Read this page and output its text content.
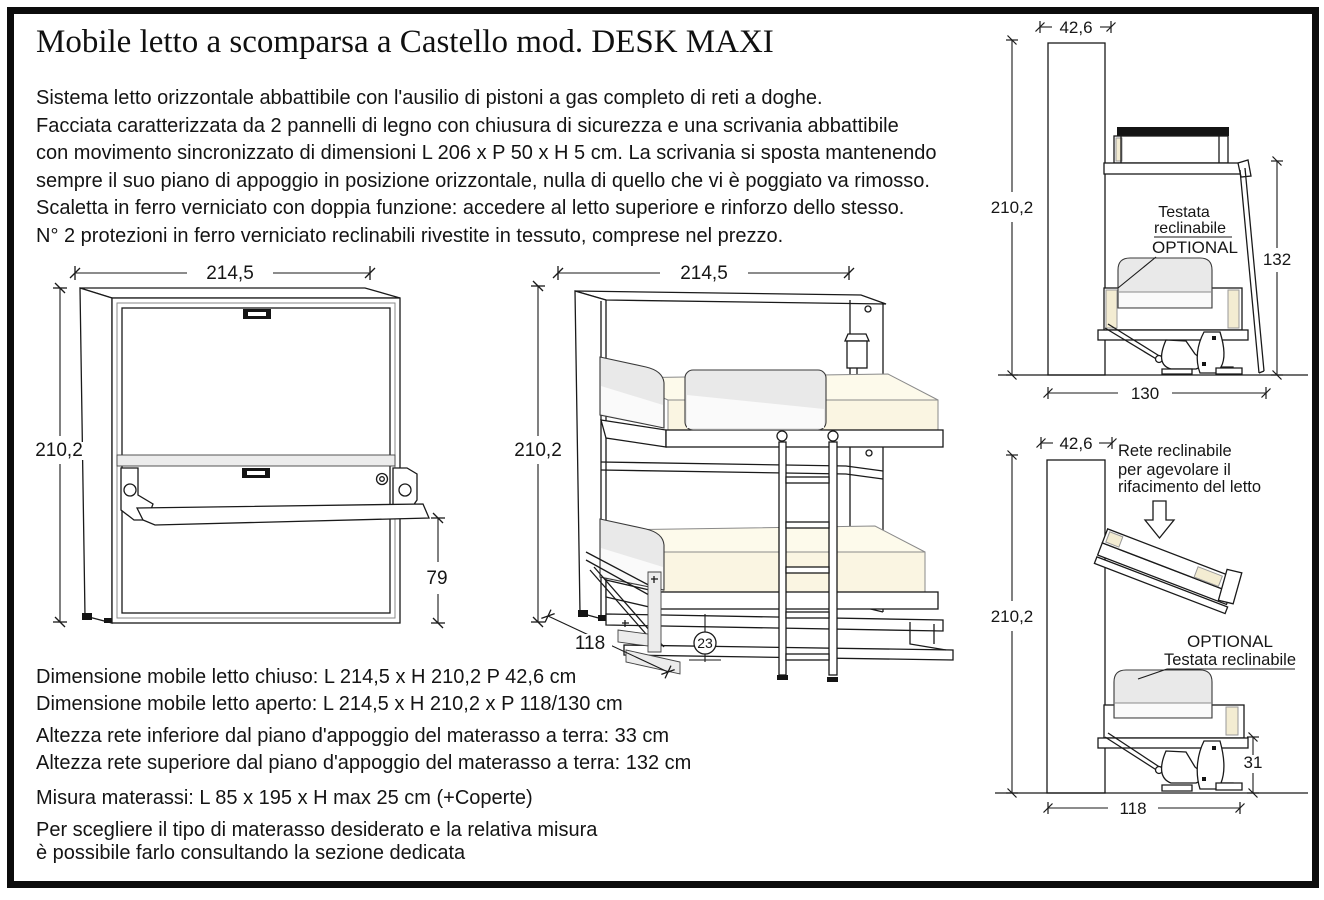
Mobile letto a scomparsa a Castello mod. DESK MAXI
Sistema letto orizzontale abbattibile con l'ausilio di pistoni a gas completo di reti a doghe.
Facciata caratterizzata da 2 pannelli di legno con chiusura di sicurezza e una scrivania abbattibile
con movimento sincronizzato di dimensioni L 206 x P 50 x H 5 cm. La scrivania si sposta mantenendo
sempre il suo piano di appoggio in posizione orizzontale, nulla di quello che vi è poggiato va rimosso.
Scaletta in ferro verniciato con doppia funzione: accedere al letto superiore e rinforzo dello stesso.
N° 2 protezioni in ferro verniciato reclinabili rivestite in tessuto, comprese nel prezzo.
214,5
210,2
79
214,5
210,2
118	23
Testata
reclinabile
OPTIONAL
42,6
210,2
132
130
Rete reclinabile
per agevolare il
rifacimento del letto
OPTIONAL
Testata reclinabile
42,6
210,2
31
118
Dimensione mobile letto chiuso: L 214,5 x H 210,2 P 42,6 cm
Dimensione mobile letto aperto: L 214,5 x H 210,2 x P 118/130 cm
Altezza rete inferiore dal piano d'appoggio del materasso a terra: 33 cm
Altezza rete superiore dal piano d'appoggio del materasso a terra: 132 cm
Misura materassi: L 85 x 195 x H max 25 cm (+Coperte)
Per scegliere il tipo di materasso desiderato e la relativa misura
è possibile farlo consultando la sezione dedicata
